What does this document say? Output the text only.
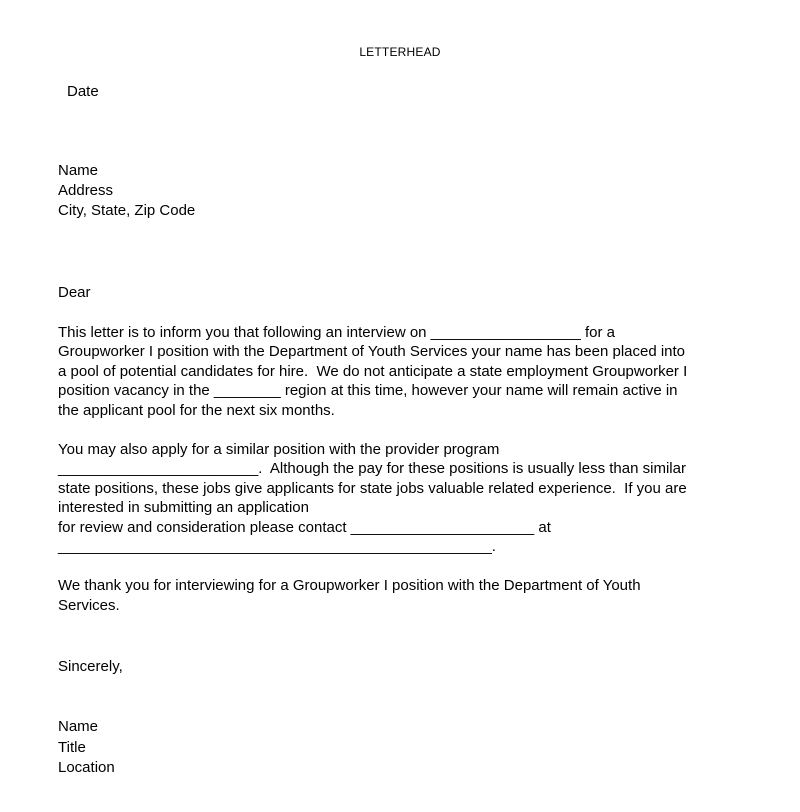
LETTERHEAD
Date
Name
Address
City, State, Zip Code
Dear
This letter is to inform you that following an interview on __________________ for a
Groupworker I position with the Department of Youth Services your name has been placed into
a pool of potential candidates for hire.  We do not anticipate a state employment Groupworker I
position vacancy in the ________ region at this time, however your name will remain active in
the applicant pool for the next six months.
You may also apply for a similar position with the provider program
________________________.  Although the pay for these positions is usually less than similar
state positions, these jobs give applicants for state jobs valuable related experience.  If you are
interested in submitting an application
for review and consideration please contact ______________________ at
____________________________________________________.
We thank you for interviewing for a Groupworker I position with the Department of Youth
Services.
Sincerely,
Name
Title
Location
